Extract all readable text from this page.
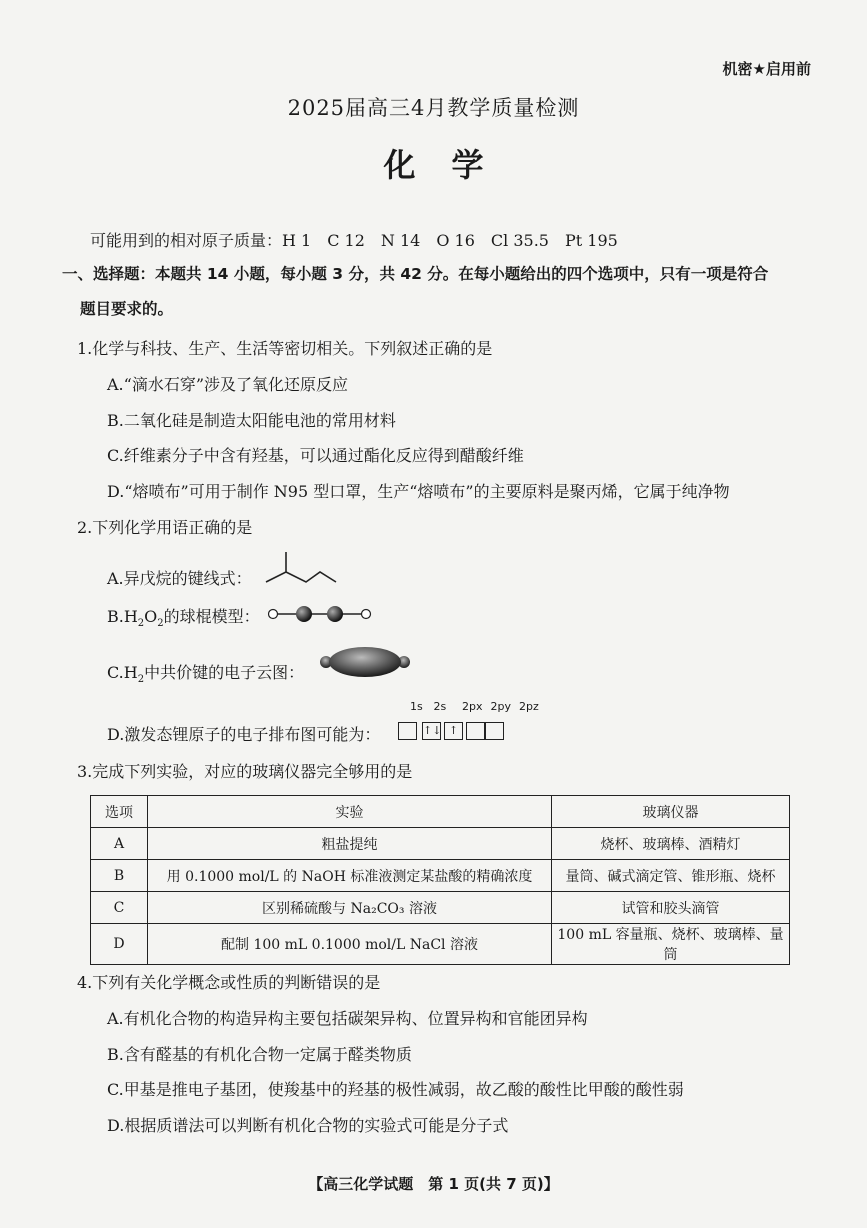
机密★启用前
2025届高三4月教学质量检测
化学
可能用到的相对原子质量：H 1　C 12　N 14　O 16　Cl 35.5　Pt 195
一、选择题：本题共 14 小题，每小题 3 分，共 42 分。在每小题给出的四个选项中，只有一项是符合
题目要求的。
1.化学与科技、生产、生活等密切相关。下列叙述正确的是
A.“滴水石穿”涉及了氧化还原反应
B.二氧化硅是制造太阳能电池的常用材料
C.纤维素分子中含有羟基，可以通过酯化反应得到醋酸纤维
D.“熔喷布”可用于制作 N95 型口罩，生产“熔喷布”的主要原料是聚丙烯，它属于纯净物
2.下列化学用语正确的是
A.异戊烷的键线式：
$B.H_2O_2$的球棍模型：
$C.H_2$中共价键的电子云图：
1s 2s 2px 2py 2pz
D.激发态锂原子的电子排布图可能为：	↑↓ ↑
3.完成下列实验，对应的玻璃仪器完全够用的是
选项	实验	玻璃仪器
A	粗盐提纯	烧杯、玻璃棒、酒精灯
B	用 0.1000 mol/L 的 NaOH 标准液测定某盐酸的精确浓度	量筒、碱式滴定管、锥形瓶、烧杯
C	区别稀硫酸与 Na₂CO₃ 溶液	试管和胶头滴管
D	配制 100 mL 0.1000 mol/L NaCl 溶液	100 mL 容量瓶、烧杯、玻璃棒、量筒
4.下列有关化学概念或性质的判断错误的是
A.有机化合物的构造异构主要包括碳架异构、位置异构和官能团异构
B.含有醛基的有机化合物一定属于醛类物质
C.甲基是推电子基团，使羧基中的羟基的极性减弱，故乙酸的酸性比甲酸的酸性弱
D.根据质谱法可以判断有机化合物的实验式可能是分子式
【高三化学试题　第 1 页(共 7 页)】
